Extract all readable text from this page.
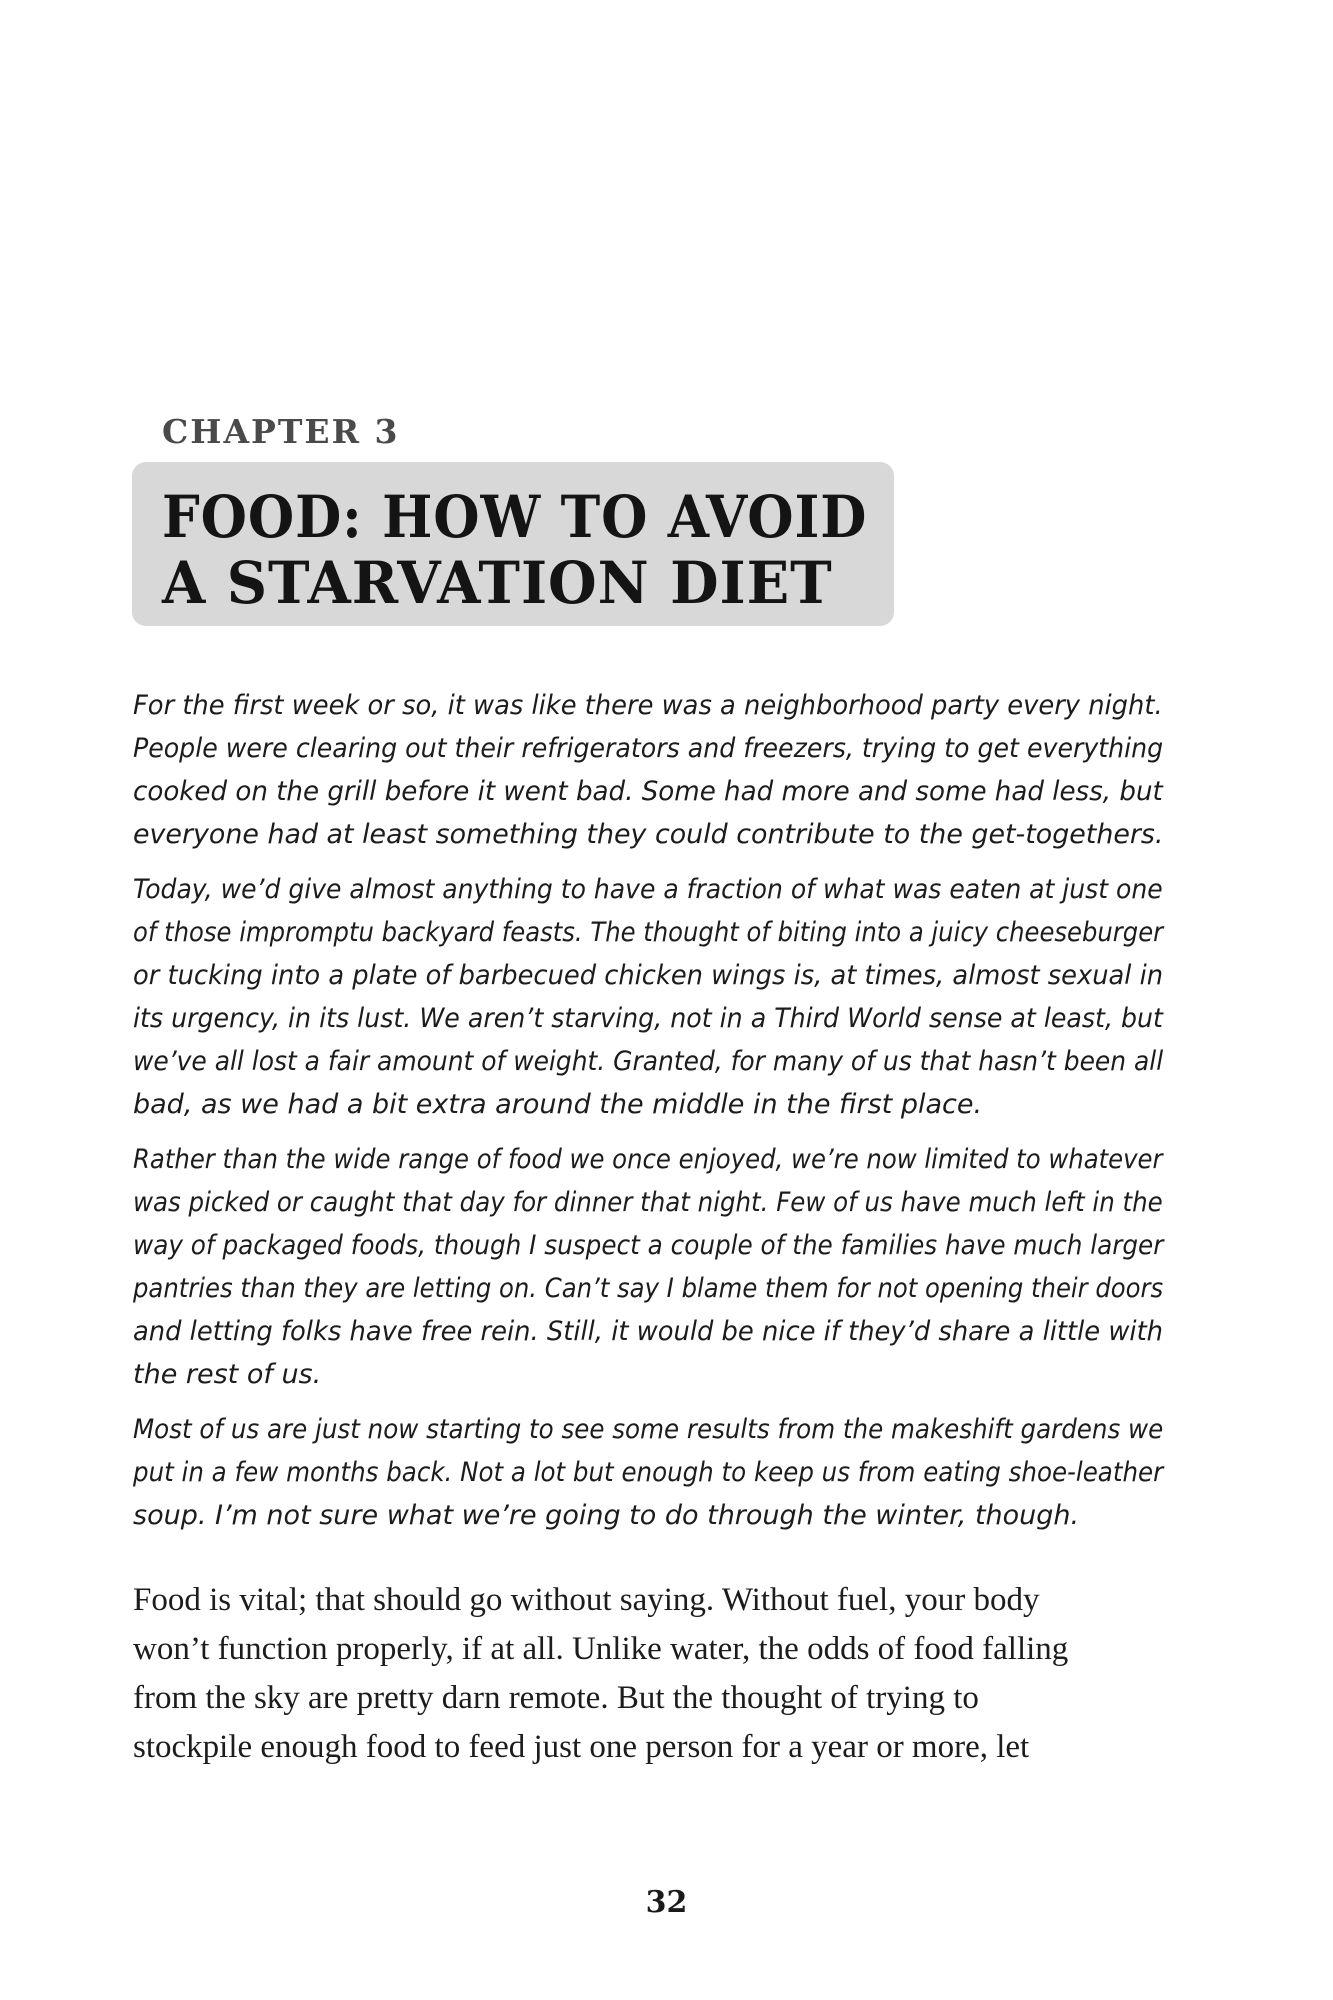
CHAPTER 3
FOOD: HOW TO AVOID
A STARVATION DIET

For the first week or so, it was like there was a neighborhood party every night.
People were clearing out their refrigerators and freezers, trying to get everything
cooked on the grill before it went bad. Some had more and some had less, but
everyone had at least something they could contribute to the get-togethers.

Today, we’d give almost anything to have a fraction of what was eaten at just one
of those impromptu backyard feasts. The thought of biting into a juicy cheeseburger
or tucking into a plate of barbecued chicken wings is, at times, almost sexual in
its urgency, in its lust. We aren’t starving, not in a Third World sense at least, but
we’ve all lost a fair amount of weight. Granted, for many of us that hasn’t been all
bad, as we had a bit extra around the middle in the first place.

Rather than the wide range of food we once enjoyed, we’re now limited to whatever
was picked or caught that day for dinner that night. Few of us have much left in the
way of packaged foods, though I suspect a couple of the families have much larger
pantries than they are letting on. Can’t say I blame them for not opening their doors
and letting folks have free rein. Still, it would be nice if they’d share a little with
the rest of us.

Most of us are just now starting to see some results from the makeshift gardens we
put in a few months back. Not a lot but enough to keep us from eating shoe-leather
soup. I’m not sure what we’re going to do through the winter, though.

Food is vital; that should go without saying. Without fuel, your body
won’t function properly, if at all. Unlike water, the odds of food falling
from the sky are pretty darn remote. But the thought of trying to
stockpile enough food to feed just one person for a year or more, let
32
